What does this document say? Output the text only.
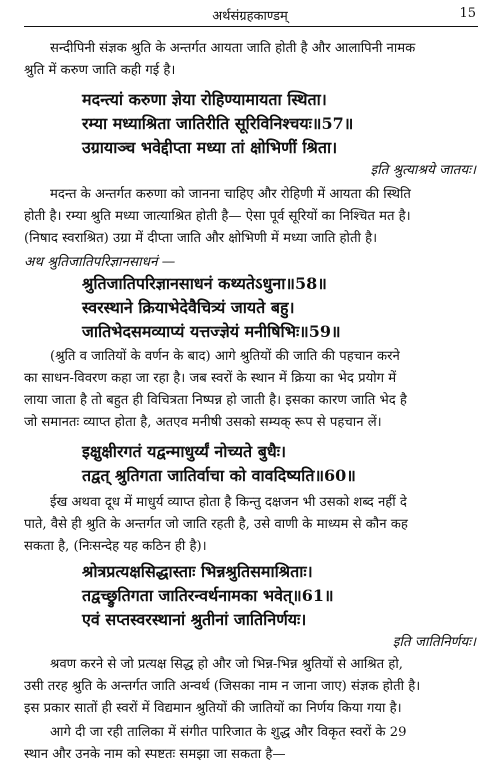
अर्थसंग्रहकाण्डम्	15
सन्दीपिनी संज्ञक श्रुति के अन्तर्गत आयता जाति होती है और आलापिनी नामक
श्रुति में करुण जाति कही गई है।
मदन्त्यां करुणा ज्ञेया रोहिण्यामायता स्थिता।
रम्या मध्याश्रिता जातिरीति सूरिविनिश्चयः॥57॥
उग्रायाञ्च भवेद्दीप्ता मध्या तां क्षोभिणीं श्रिता।
इति श्रुत्याश्रये जातयः।
मदन्त के अन्तर्गत करुणा को जानना चाहिए और रोहिणी में आयता की स्थिति
होती है। रम्या श्रुति मध्या जात्याश्रित होती है— ऐसा पूर्व सूरियों का निश्चित मत है।
(निषाद स्वराश्रित) उग्रा में दीप्ता जाति और क्षोभिणी में मध्या जाति होती है।
अथ श्रुतिजातिपरिज्ञानसाधनं —
श्रुतिजातिपरिज्ञानसाधनं कथ्यतेऽधुना॥58॥
स्वरस्थाने क्रियाभेदेवैचित्र्यं जायते बहु।
जातिभेदसमव्याप्यं यत्तज्ज्ञेयं मनीषिभिः॥59॥
(श्रुति व जातियों के वर्णन के बाद) आगे श्रुतियों की जाति की पहचान करने
का साधन-विवरण कहा जा रहा है। जब स्वरों के स्थान में क्रिया का भेद प्रयोग में
लाया जाता है तो बहुत ही विचित्रता निष्पन्न हो जाती है। इसका कारण जाति भेद है
जो समानतः व्याप्त होता है, अतएव मनीषी उसको सम्यक् रूप से पहचान लें।
इक्षुक्षीरगतं यद्वन्माधुर्य्यं नोच्यते बुधैः।
तद्वत् श्रुतिगता जातिर्वाचा को वावदिष्यति॥60॥
ईख अथवा दूध में माधुर्य व्याप्त होता है किन्तु दक्षजन भी उसको शब्द नहीं दे
पाते, वैसे ही श्रुति के अन्तर्गत जो जाति रहती है, उसे वाणी के माध्यम से कौन कह
सकता है, (निःसन्देह यह कठिन ही है)।
श्रोत्रप्रत्यक्षसिद्धास्ताः भिन्नश्रुतिसमाश्रिताः।
तद्वच्छ्रुतिगता जातिरन्वर्थनामका भवेत्॥61॥
एवं सप्तस्वरस्थानां श्रुतीनां जातिनिर्णयः।
इति जातिनिर्णयः।
श्रवण करने से जो प्रत्यक्ष सिद्ध हो और जो भिन्न-भिन्न श्रुतियों से आश्रित हो,
उसी तरह श्रुति के अन्तर्गत जाति अन्वर्थ (जिसका नाम न जाना जाए) संज्ञक होती है।
इस प्रकार सातों ही स्वरों में विद्यमान श्रुतियों की जातियों का निर्णय किया गया है।
आगे दी जा रही तालिका में संगीत पारिजात के शुद्ध और विकृत स्वरों के 29
स्थान और उनके नाम को स्पष्टतः समझा जा सकता है—
